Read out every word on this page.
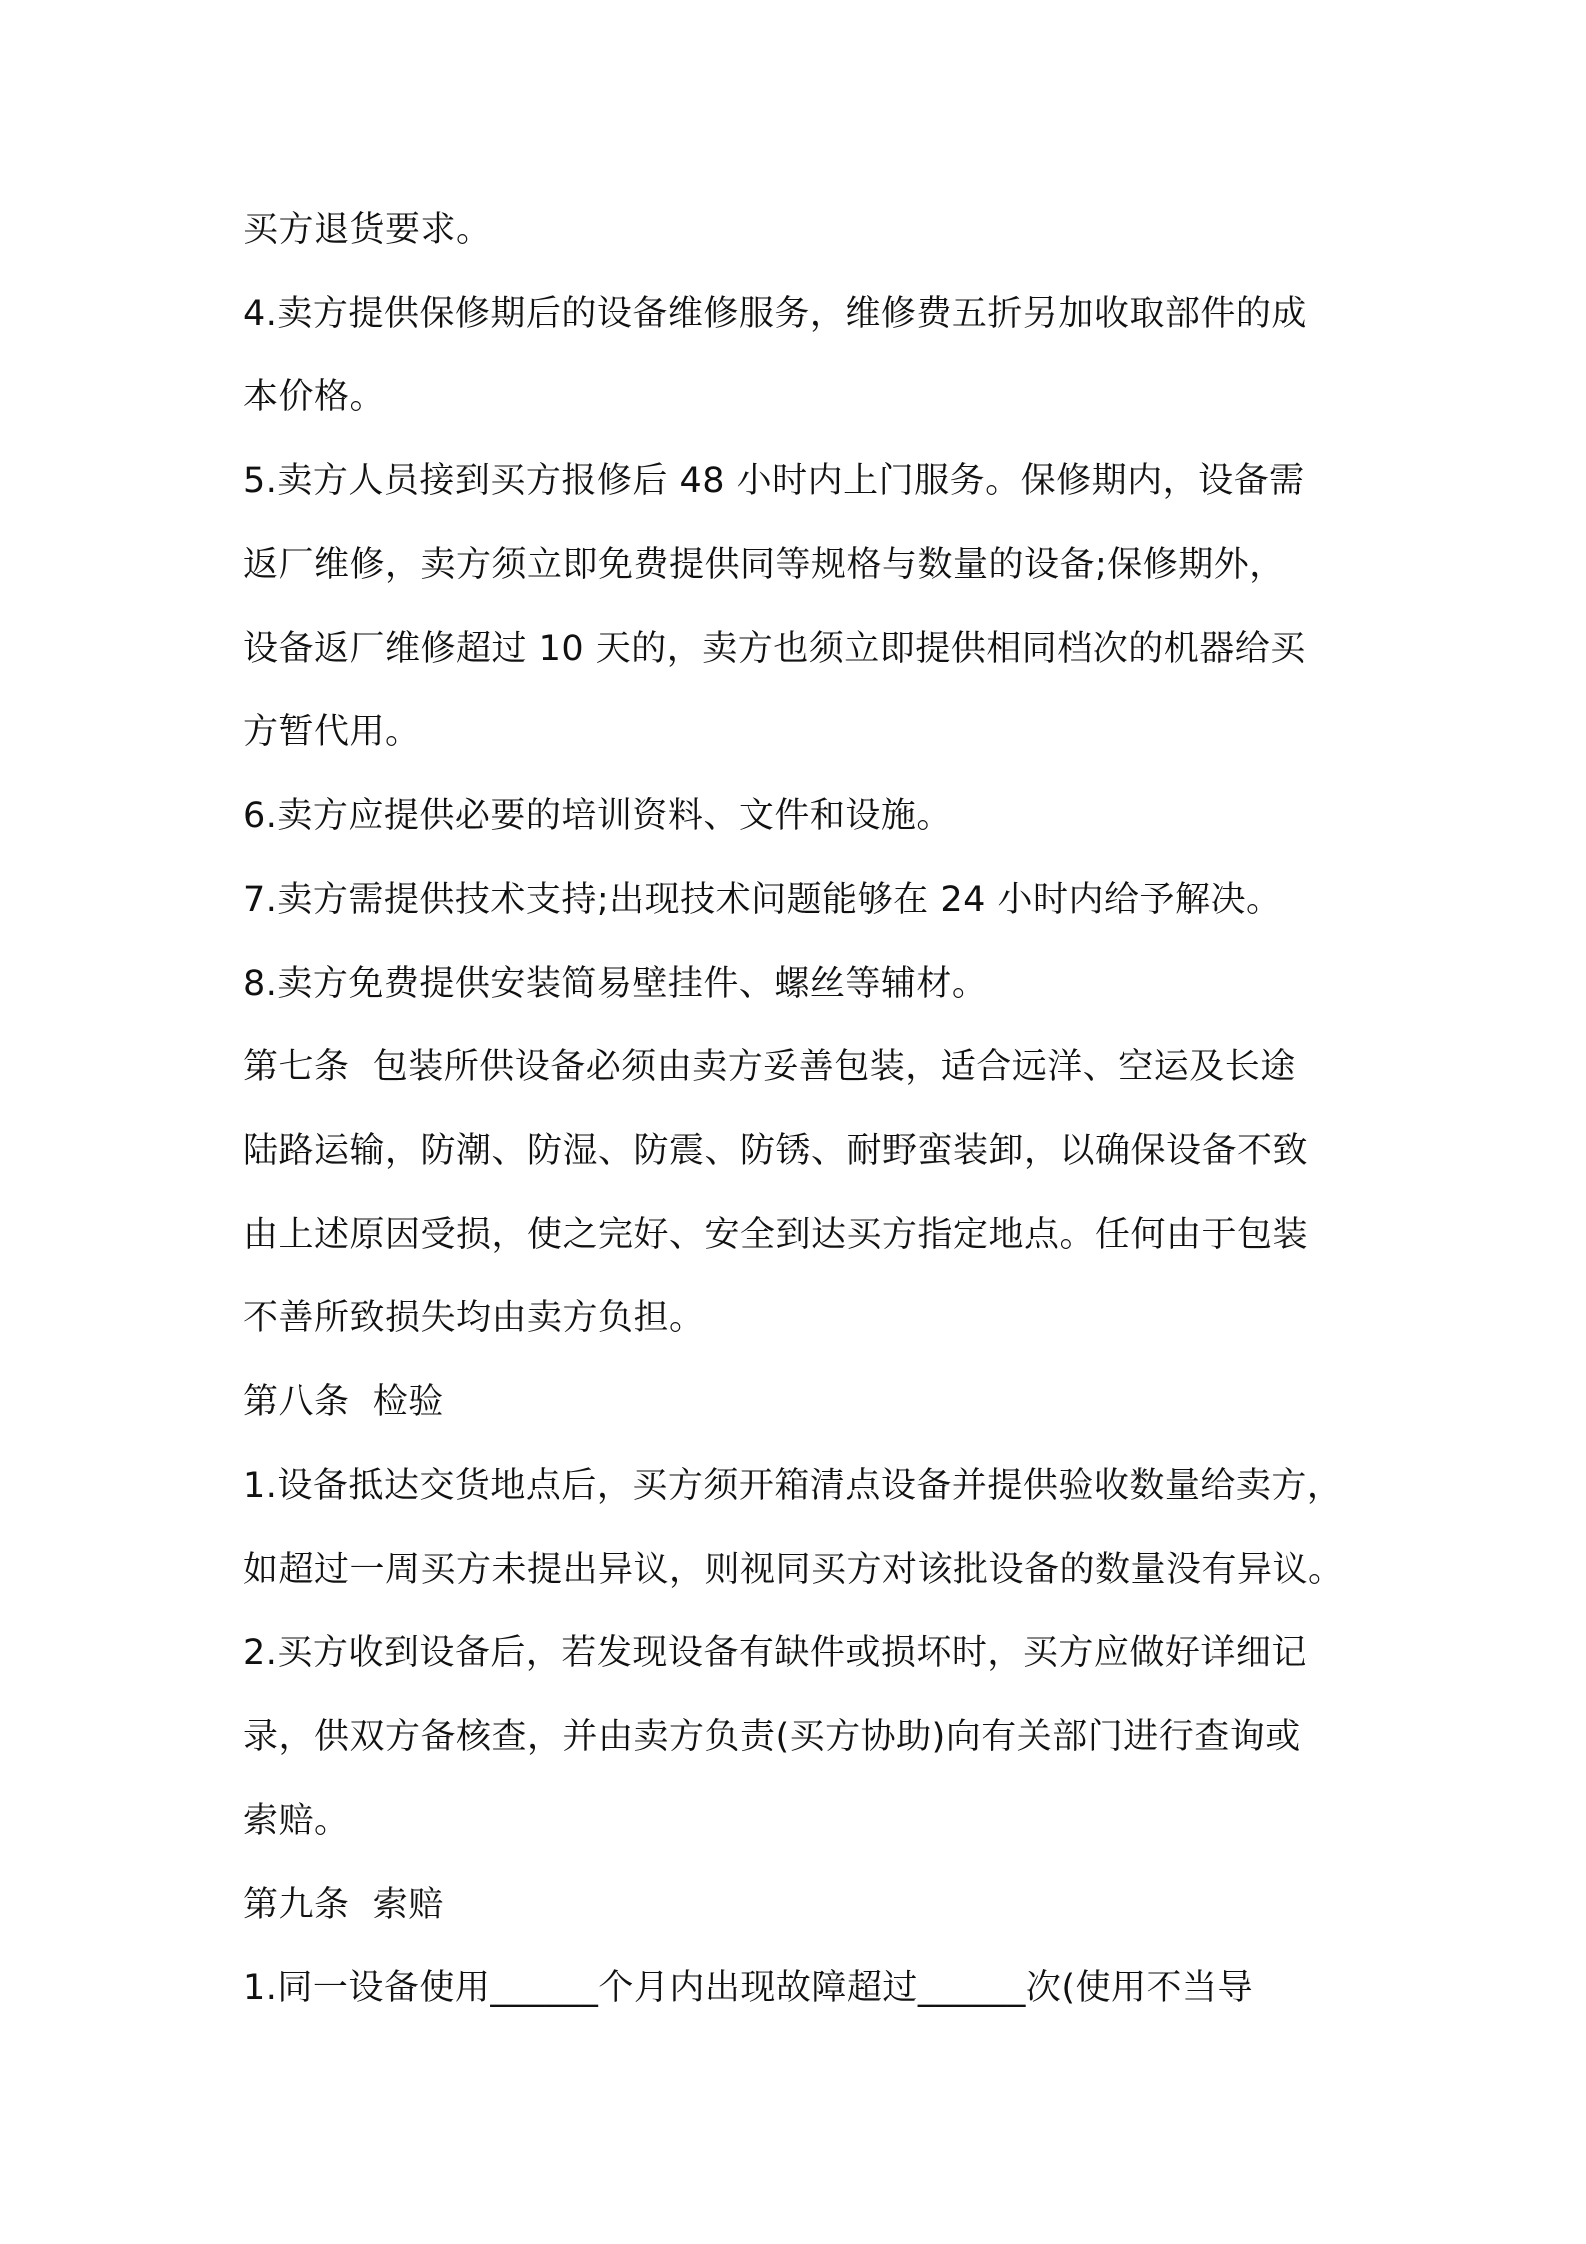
买方退货要求。
4.卖方提供保修期后的设备维修服务，维修费五折另加收取部件的成
本价格。
5.卖方人员接到买方报修后 48 小时内上门服务。保修期内，设备需
返厂维修，卖方须立即免费提供同等规格与数量的设备;保修期外，
设备返厂维修超过 10 天的，卖方也须立即提供相同档次的机器给买
方暂代用。
6.卖方应提供必要的培训资料、文件和设施。
7.卖方需提供技术支持;出现技术问题能够在 24 小时内给予解决。
8.卖方免费提供安装简易壁挂件、螺丝等辅材。
第七条  包装所供设备必须由卖方妥善包装，适合远洋、空运及长途
陆路运输，防潮、防湿、防震、防锈、耐野蛮装卸，以确保设备不致
由上述原因受损，使之完好、安全到达买方指定地点。任何由于包装
不善所致损失均由卖方负担。
第八条  检验
1.设备抵达交货地点后，买方须开箱清点设备并提供验收数量给卖方，
如超过一周买方未提出异议，则视同买方对该批设备的数量没有异议。
2.买方收到设备后，若发现设备有缺件或损坏时，买方应做好详细记
录，供双方备核查，并由卖方负责(买方协助)向有关部门进行查询或
索赔。
第九条  索赔
1.同一设备使用______个月内出现故障超过______次(使用不当导
